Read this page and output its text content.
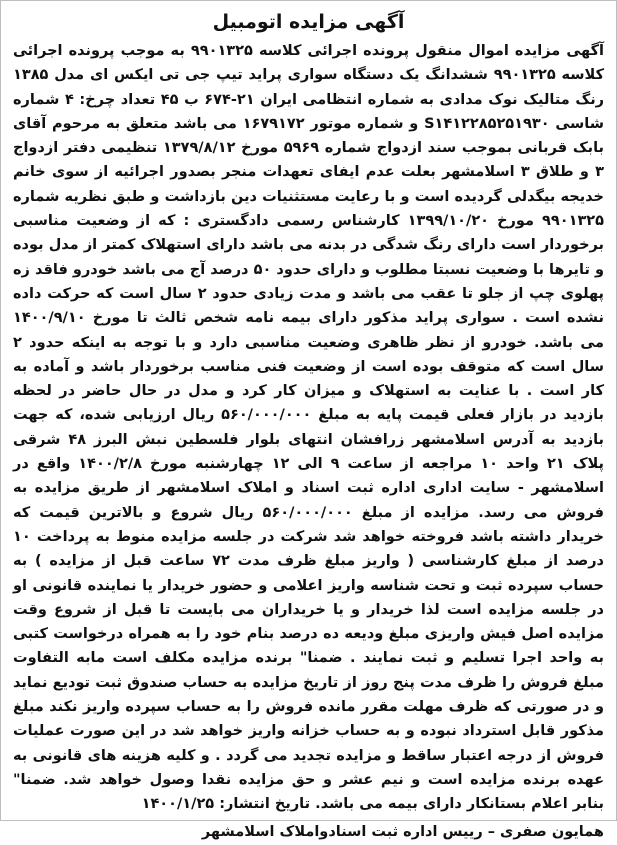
آگهی مزایده اتومبیل

آگهی مزایده اموال منقول پرونده اجرائی کلاسه ۹۹۰۱۳۲۵ به موجب پرونده اجرائی کلاسه ۹۹۰۱۳۲۵ ششدانگ یک دستگاه سواری پراید تیپ جی تی ایکس ای مدل ۱۳۸۵ رنگ متالیک نوک مدادی به شماره انتظامی ایران ۲۱-۶۷۴ ب ۴۵ تعداد چرخ: ۴ شماره شاسی S۱۴۱۲۲۸۵۲۵۱۹۳۰ و شماره موتور ۱۶۷۹۱۷۲ می باشد متعلق به مرحوم آقای بابک قربانی بموجب سند ازدواج شماره ۵۹۶۹ مورخ ۱۳۷۹/۸/۱۲ تنظیمی دفتر ازدواج ۳ و طلاق ۳ اسلامشهر بعلت عدم ایفای تعهدات منجر بصدور اجرائیه از سوی خانم خدیجه بیگدلی گردیده است و با رعایت مستثنیات دین بازداشت و طبق نظریه شماره ۹۹۰۱۳۲۵ مورخ ۱۳۹۹/۱۰/۲۰ کارشناس رسمی دادگستری : که از وضعیت مناسبی برخوردار است دارای رنگ شدگی در بدنه می باشد دارای استهلاک کمتر از مدل بوده و تایرها با وضعیت نسبتا مطلوب و دارای حدود ۵۰ درصد آج می باشد خودرو فاقد زه پهلوی چپ از جلو تا عقب می باشد و مدت زیادی حدود ۲ سال است که حرکت داده نشده است . سواری پراید مذکور دارای بیمه نامه شخص ثالث تا مورخ ۱۴۰۰/۹/۱۰ می باشد. خودرو از نظر ظاهری وضعیت مناسبی دارد و با توجه به اینکه حدود ۲ سال است که متوقف بوده است از وضعیت فنی مناسب برخوردار باشد و آماده به کار است . با عنایت به استهلاک و میزان کار کرد و مدل در حال حاضر در لحظه بازدید در بازار فعلی قیمت پایه به مبلغ ۵۶۰/۰۰۰/۰۰۰ ریال ارزیابی شده، که جهت بازدید به آدرس اسلامشهر زرافشان انتهای بلوار فلسطین نبش البرز ۴۸ شرقی پلاک ۲۱ واحد ۱۰ مراجعه از ساعت ۹ الی ۱۲ چهارشنبه مورخ ۱۴۰۰/۲/۸ واقع در اسلامشهر - سایت اداری اداره ثبت اسناد و املاک اسلامشهر از طریق مزایده به فروش می رسد. مزایده از مبلغ ۵۶۰/۰۰۰/۰۰۰ ریال شروع و بالاترین قیمت که خریدار داشته باشد فروخته خواهد شد شرکت در جلسه مزایده منوط به پرداخت ۱۰ درصد از مبلغ کارشناسی ( واریز مبلغ ظرف مدت ۷۲ ساعت قبل از مزایده ) به حساب سپرده ثبت و تحت شناسه واریز اعلامی و حضور خریدار یا نماینده قانونی او در جلسه مزایده است لذا خریدار و یا خریداران می بایست تا قبل از شروع وقت مزایده اصل فیش واریزی مبلغ ودیعه ده درصد بنام خود را به همراه درخواست کتبی به واحد اجرا تسلیم و ثبت نمایند . ضمنا" برنده مزایده مکلف است مابه التفاوت مبلغ فروش را ظرف مدت پنج روز از تاریخ مزایده به حساب صندوق ثبت تودیع نماید و در صورتی که ظرف مهلت مقرر مانده فروش را به حساب سپرده واریز نکند مبلغ مذکور قابل استرداد نبوده و به حساب خزانه واریز خواهد شد در این صورت عملیات فروش از درجه اعتبار ساقط و مزایده تجدید می گردد . و کلیه هزینه های قانونی به عهده برنده مزایده است و نیم عشر و حق مزایده نقدا وصول خواهد شد. ضمنا" بنابر اعلام بستانکار دارای بیمه می باشد. تاریخ انتشار: ۱۴۰۰/۱/۲۵

همایون صفری – رییس اداره ثبت اسنادواملاک اسلامشهر
